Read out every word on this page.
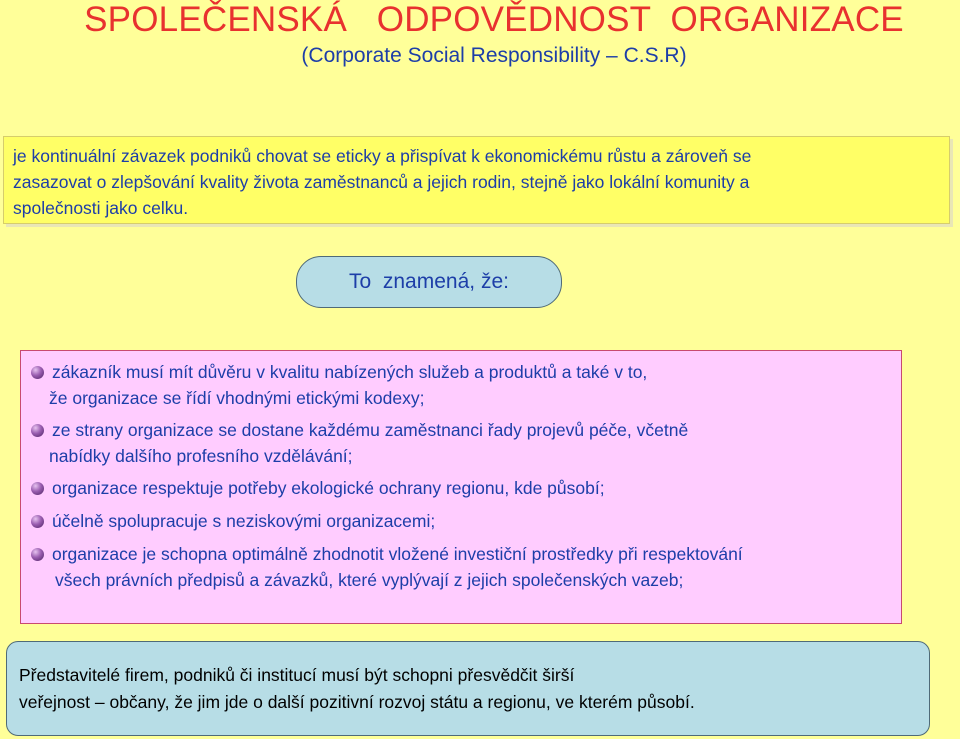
SPOLEČENSKÁ   ODPOVĚDNOST  ORGANIZACE
(Corporate Social Responsibility – C.S.R)
je kontinuální závazek podniků chovat se eticky a přispívat k ekonomickému růstu a zároveň se
zasazovat o zlepšování kvality života zaměstnanců a jejich rodin, stejně jako lokální komunity a
společnosti jako celku.
To  znamená, že:
zákazník musí mít důvěru v kvalitu nabízených služeb a produktů a také v to,
že organizace se řídí vhodnými etickými kodexy;
ze strany organizace se dostane každému zaměstnanci řady projevů péče, včetně
nabídky dalšího profesního vzdělávání;
organizace respektuje potřeby ekologické ochrany regionu, kde působí;
účelně spolupracuje s neziskovými organizacemi;
organizace je schopna optimálně zhodnotit vložené investiční prostředky při respektování
všech právních předpisů a závazků, které vyplývají z jejich společenských vazeb;
Představitelé firem, podniků či institucí musí být schopni přesvědčit širší
veřejnost – občany, že jim jde o další pozitivní rozvoj státu a regionu, ve kterém působí.
